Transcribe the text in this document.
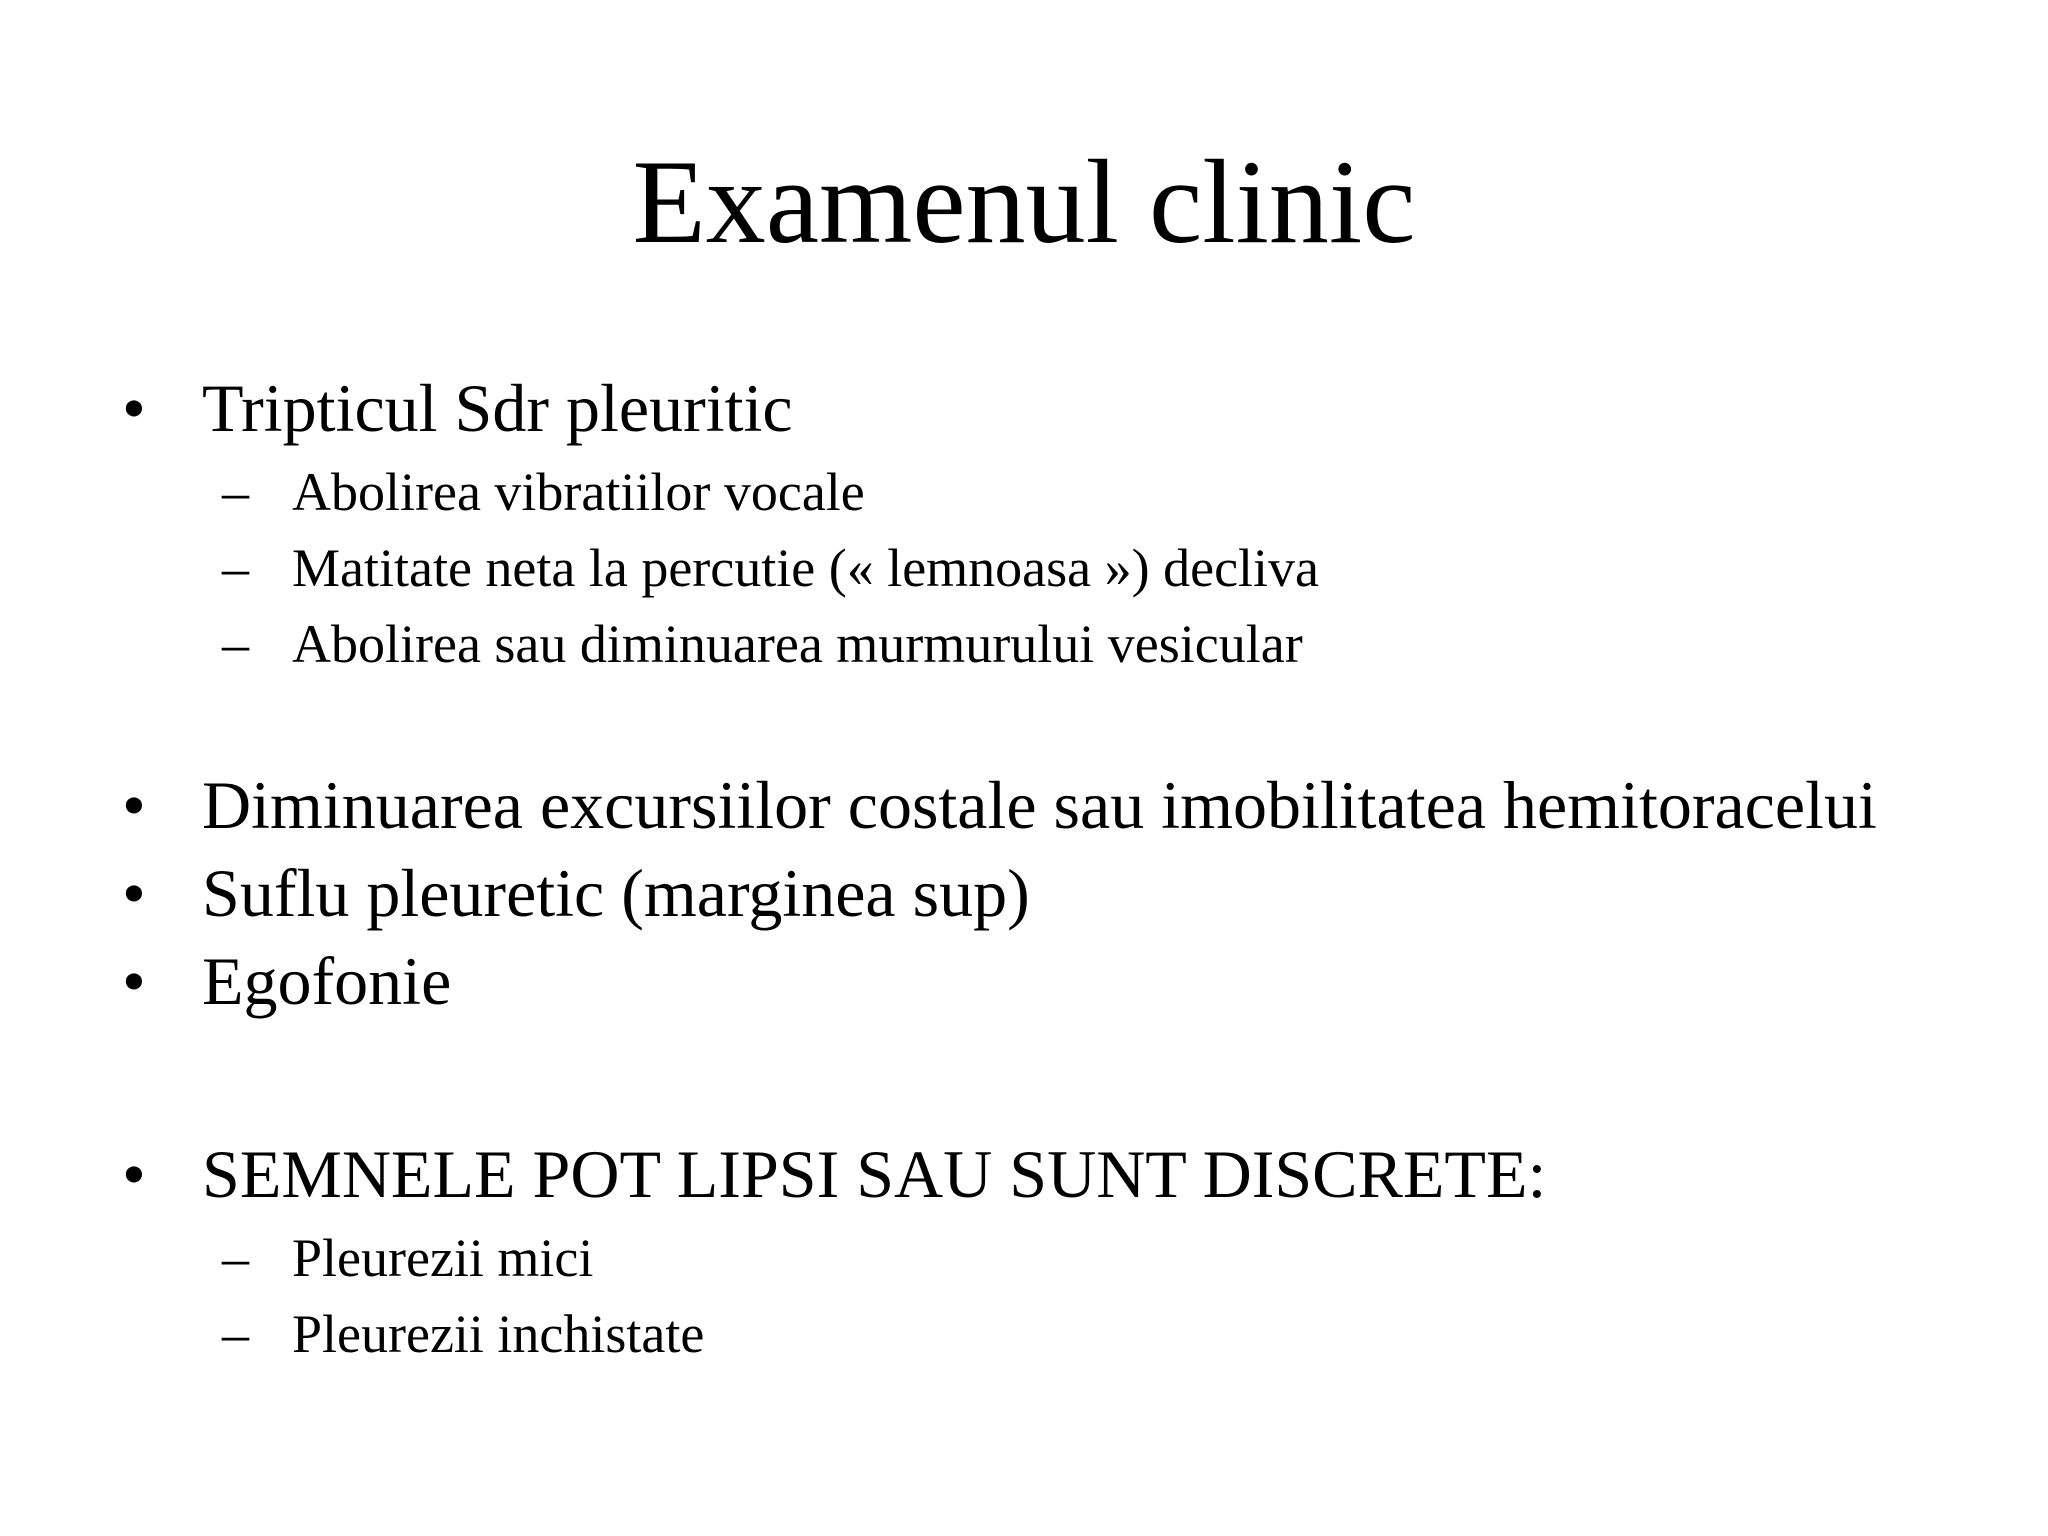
Examenul clinic
• Tripticul Sdr pleuritic
– Abolirea vibratiilor vocale
– Matitate neta la percutie (« lemnoasa ») decliva
– Abolirea sau diminuarea murmurului vesicular
• Diminuarea excursiilor costale sau imobilitatea hemitoracelui
• Suflu pleuretic (marginea sup)
• Egofonie
• SEMNELE POT LIPSI SAU SUNT DISCRETE:
– Pleurezii mici
– Pleurezii inchistate
